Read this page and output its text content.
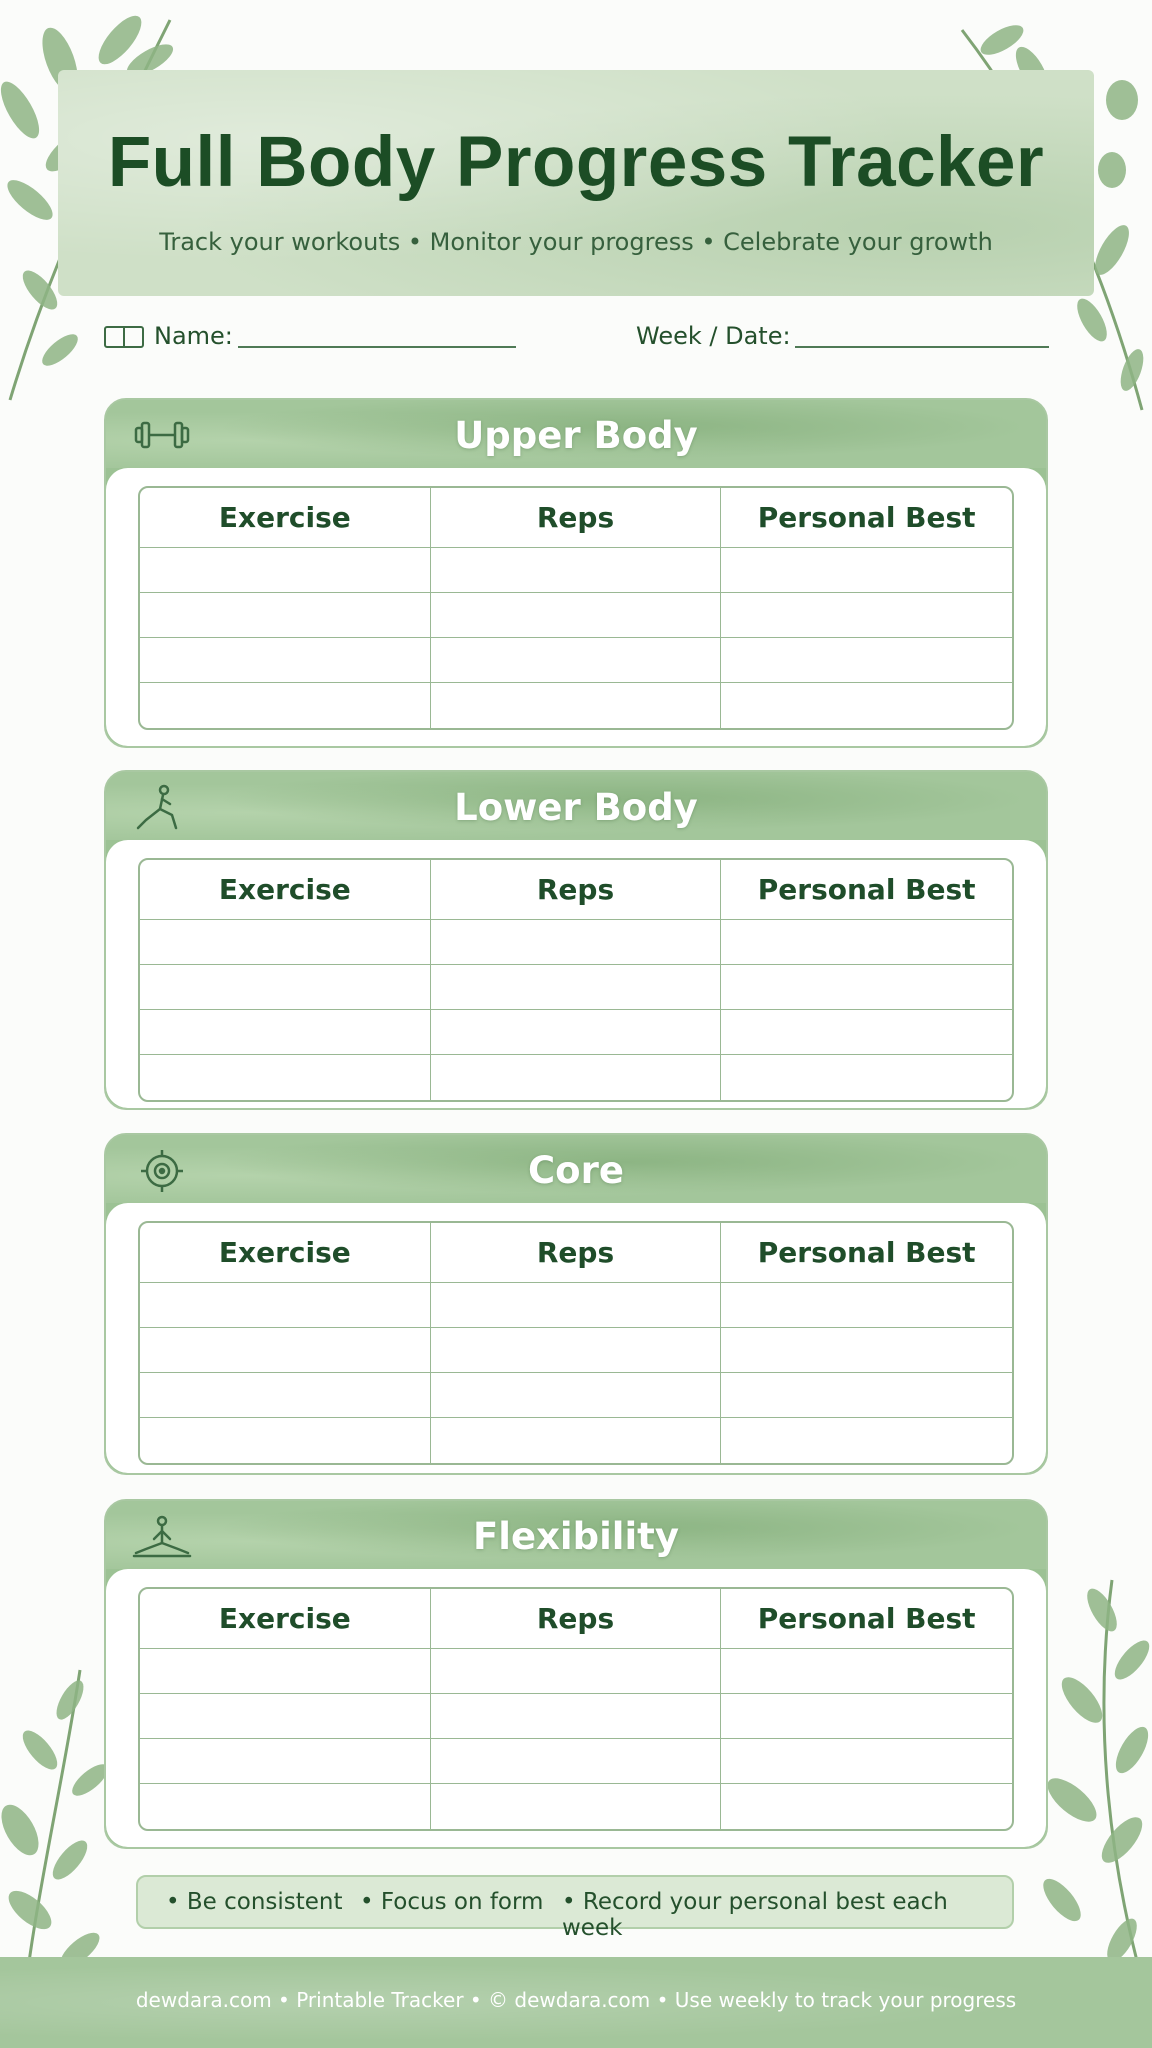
Full Body Progress Tracker
Track your workouts • Monitor your progress • Celebrate your growth
Name:	Week / Date:
Upper Body
Exercise	Reps	Personal Best

Lower Body
Exercise	Reps	Personal Best

Core
Exercise	Reps	Personal Best

Flexibility
Exercise	Reps	Personal Best

• Be consistent • Focus on form • Record your personal best each week
dewdara.com • Printable Tracker • © dewdara.com • Use weekly to track your progress
